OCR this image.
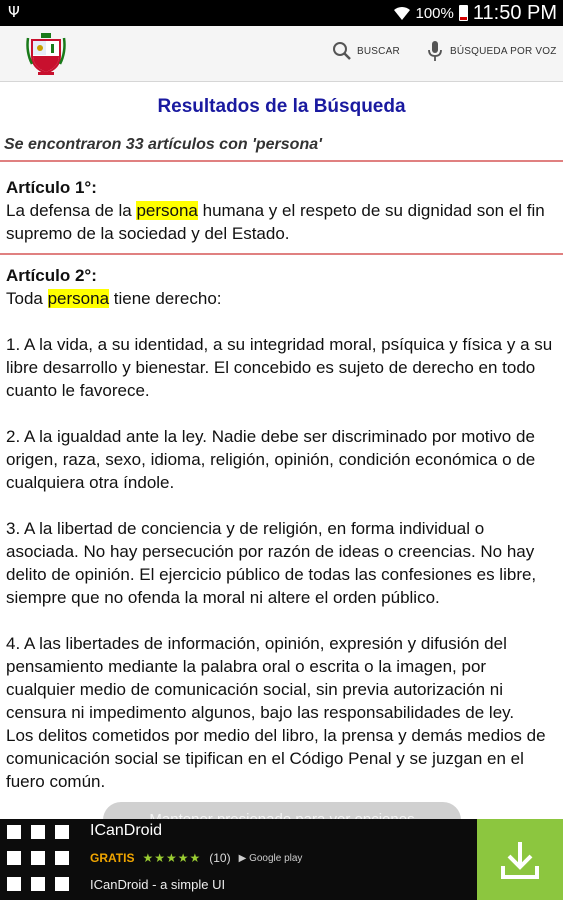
Ψ	100% 11:50 PM
BUSCAR	BÚSQUEDA POR VOZ
Resultados de la Búsqueda
Se encontraron 33 artículos con 'persona'
Artículo 1°:
La defensa de la persona humana y el respeto de su dignidad son el fin supremo de la sociedad y del Estado.
Artículo 2°:
Toda persona tiene derecho:
1. A la vida, a su identidad, a su integridad moral, psíquica y física y a su libre desarrollo y bienestar. El concebido es sujeto de derecho en todo cuanto le favorece.
2. A la igualdad ante la ley. Nadie debe ser discriminado por motivo de origen, raza, sexo, idioma, religión, opinión, condición económica o de cualquiera otra índole.
3. A la libertad de conciencia y de religión, en forma individual o asociada. No hay persecución por razón de ideas o creencias. No hay delito de opinión. El ejercicio público de todas las confesiones es libre, siempre que no ofenda la moral ni altere el orden público.
4. A las libertades de información, opinión, expresión y difusión del pensamiento mediante la palabra oral o escrita o la imagen, por cualquier medio de comunicación social, sin previa autorización ni censura ni impedimento algunos, bajo las responsabilidades de ley.
Los delitos cometidos por medio del libro, la prensa y demás medios de comunicación social se tipifican en el Código Penal y se juzgan en el fuero común.
ICanDroid
GRATIS ★★★★★ (10) ▶ Google play
ICanDroid - a simple UI
